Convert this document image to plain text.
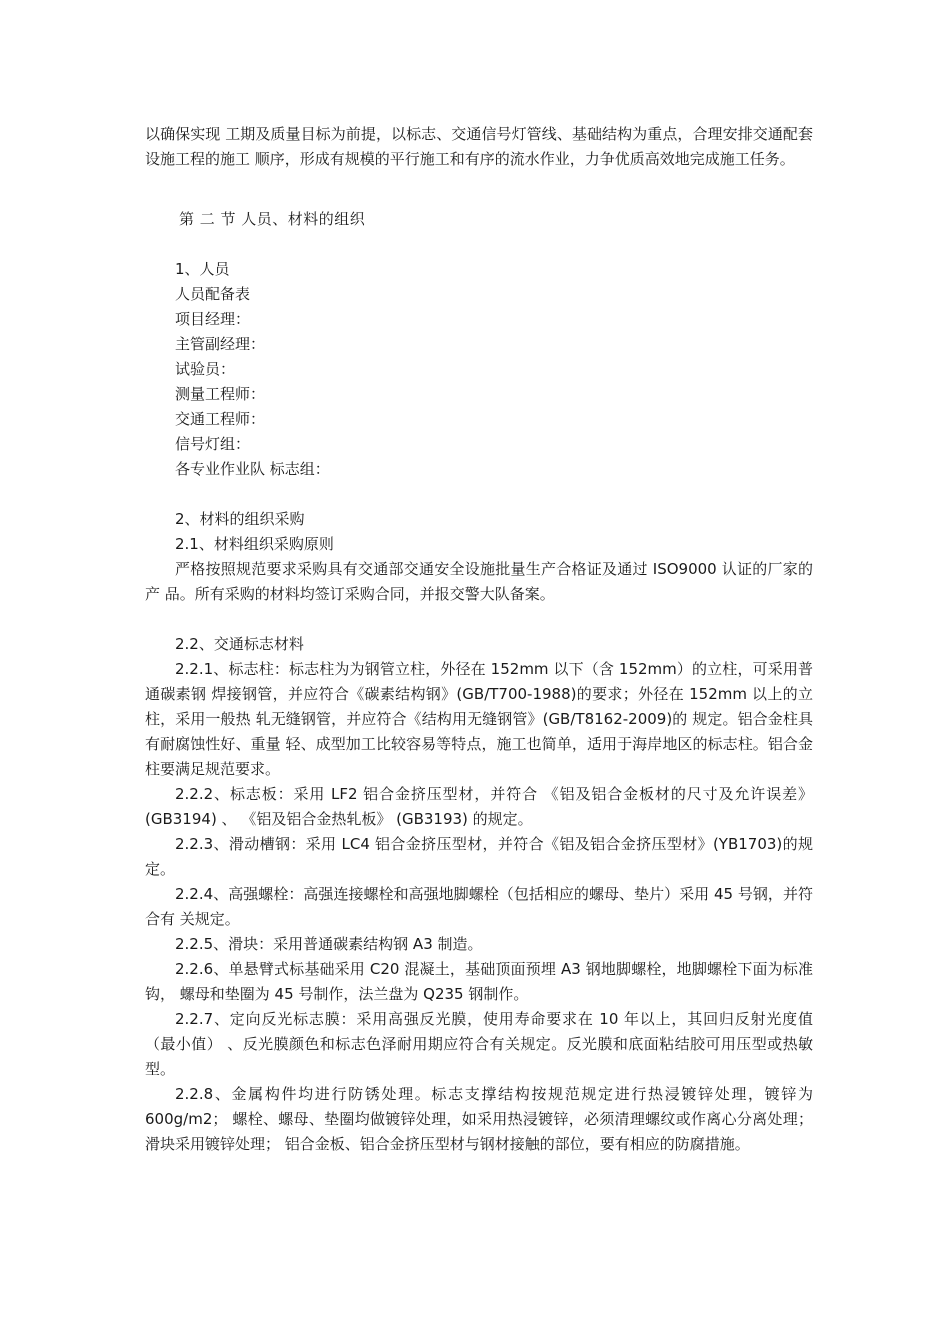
以确保实现 工期及质量目标为前提，以标志、交通信号灯管线、基础结构为重点，合理安排交通配套设施工程的施工 顺序，形成有规模的平行施工和有序的流水作业，力争优质高效地完成施工任务。

第 二 节 人员、材料的组织

1、人员

人员配备表

项目经理：

主管副经理：

试验员：

测量工程师：

交通工程师：

信号灯组：

各专业作业队 标志组：

2、材料的组织采购

2.1、材料组织采购原则

严格按照规范要求采购具有交通部交通安全设施批量生产合格证及通过 ISO9000 认证的厂家的产 品。所有采购的材料均签订采购合同，并报交警大队备案。

2.2、交通标志材料

2.2.1、标志柱：标志柱为为钢管立柱，外径在 152mm 以下（含 152mm）的立柱，可采用普通碳素钢 焊接钢管，并应符合《碳素结构钢》(GB/T700-1988)的要求；外径在 152mm 以上的立柱，采用一般热 轧无缝钢管，并应符合《结构用无缝钢管》(GB/T8162-2009)的 规定。铝合金柱具有耐腐蚀性好、重量 轻、成型加工比较容易等特点，施工也简单，适用于海岸地区的标志柱。铝合金柱要满足规范要求。

2.2.2、标志板：采用 LF2 铝合金挤压型材，并符合 《铝及铝合金板材的尺寸及允许误差》 (GB3194) 、 《铝及铝合金热轧板》 (GB3193) 的规定。

2.2.3、滑动槽钢：采用 LC4 铝合金挤压型材，并符合《铝及铝合金挤压型材》(YB1703)的规定。

2.2.4、高强螺栓：高强连接螺栓和高强地脚螺栓（包括相应的螺母、垫片）采用 45 号钢，并符合有 关规定。

2.2.5、滑块：采用普通碳素结构钢 A3 制造。

2.2.6、单悬臂式标基础采用 C20 混凝土，基础顶面预埋 A3 钢地脚螺栓，地脚螺栓下面为标准钩， 螺母和垫圈为 45 号制作，法兰盘为 Q235 钢制作。

2.2.7、定向反光标志膜：采用高强反光膜，使用寿命要求在 10 年以上，其回归反射光度值 （最小值） 、反光膜颜色和标志色泽耐用期应符合有关规定。反光膜和底面粘结胶可用压型或热敏型。

2.2.8、金属构件均进行防锈处理。标志支撑结构按规范规定进行热浸镀锌处理，镀锌为 600g/m2； 螺栓、螺母、垫圈均做镀锌处理，如采用热浸镀锌，必须清理螺纹或作离心分离处理；滑块采用镀锌处理； 铝合金板、铝合金挤压型材与钢材接触的部位，要有相应的防腐措施。
